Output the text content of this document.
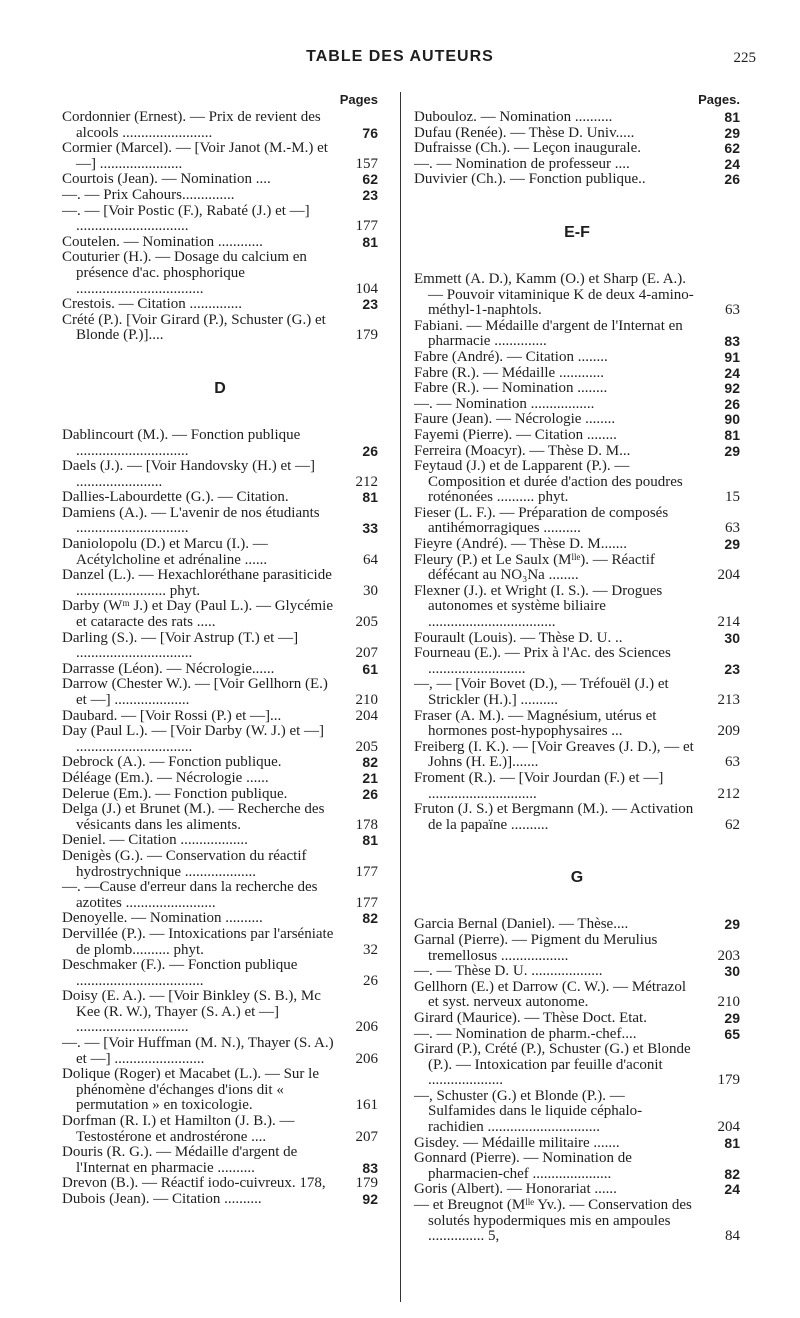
TABLE DES AUTEURS	225
Pages
Cordonnier (Ernest). — Prix de revient des alcools ........................	76
Cormier (Marcel). — [Voir Janot (M.-M.) et —] ......................	157
Courtois (Jean). — Nomination ....	62
—. — Prix Cahours..............	23
—. — [Voir Postic (F.), Rabaté (J.) et —] ..............................	177
Coutelen. — Nomination ............	81
Couturier (H.). — Dosage du calcium en présence d'ac. phosphorique ..................................	104
Crestois. — Citation ..............	23
Crété (P.). [Voir Girard (P.), Schuster (G.) et Blonde (P.)]....	179
D
Dablincourt (M.). — Fonction publique ..............................	26
Daels (J.). — [Voir Handovsky (H.) et —] .......................	212
Dallies-Labourdette (G.). — Citation.	81
Damiens (A.). — L'avenir de nos étudiants ..............................	33
Daniolopolu (D.) et Marcu (I.). — Acétylcholine et adrénaline ......	64
Danzel (L.). — Hexachloréthane parasiticide ........................ phyt.	30
Darby (Wᵐ J.) et Day (Paul L.). — Glycémie et cataracte des rats .....	205
Darling (S.). — [Voir Astrup (T.) et —] ...............................	207
Darrasse (Léon). — Nécrologie......	61
Darrow (Chester W.). — [Voir Gellhorn (E.) et —] ....................	210
Daubard. — [Voir Rossi (P.) et —]...	204
Day (Paul L.). — [Voir Darby (W. J.) et —] ...............................	205
Debrock (A.). — Fonction publique.	82
Déléage (Em.). — Nécrologie ......	21
Delerue (Em.). — Fonction publique.	26
Delga (J.) et Brunet (M.). — Recherche des vésicants dans les aliments.	178
Deniel. — Citation ..................	81
Denigès (G.). — Conservation du réactif hydrostrychnique ...................	177
—. —Cause d'erreur dans la recherche des azotites ........................	177
Denoyelle. — Nomination ..........	82
Dervillée (P.). — Intoxications par l'arséniate de plomb.......... phyt.	32
Deschmaker (F.). — Fonction publique ..................................	26
Doisy (E. A.). — [Voir Binkley (S. B.), Mc Kee (R. W.), Thayer (S. A.) et —] ..............................	206
—. — [Voir Huffman (M. N.), Thayer (S. A.) et —] ........................	206
Dolique (Roger) et Macabet (L.). — Sur le phénomène d'échanges d'ions dit « permutation » en toxicologie.	161
Dorfman (R. I.) et Hamilton (J. B.). — Testostérone et androstérone ....	207
Douris (R. G.). — Médaille d'argent de l'Internat en pharmacie ..........	83
Drevon (B.). — Réactif iodo-cuivreux. 178, 179
Dubois (Jean). — Citation ..........	92
Pages.
Dubouloz. — Nomination ..........	81
Dufau (Renée). — Thèse D. Univ.....	29
Dufraisse (Ch.). — Leçon inaugurale.	62
—. — Nomination de professeur ....	24
Duvivier (Ch.). — Fonction publique..	26
E-F
Emmett (A. D.), Kamm (O.) et Sharp (E. A.). — Pouvoir vitaminique K de deux 4-amino-méthyl-1-naphtols.	63
Fabiani. — Médaille d'argent de l'Internat en pharmacie ..............	83
Fabre (André). — Citation ........	91
Fabre (R.). — Médaille ............	24
Fabre (R.). — Nomination ........	92
—. — Nomination .................	26
Faure (Jean). — Nécrologie ........	90
Fayemi (Pierre). — Citation ........	81
Ferreira (Moacyr). — Thèse D. M...	29
Feytaud (J.) et de Lapparent (P.). — Composition et durée d'action des poudres roténonées .......... phyt.	15
Fieser (L. F.). — Préparation de composés antihémorragiques ..........	63
Fieyre (André). — Thèse D. M.......	29
Fleury (P.) et Le Saulx (Mˡˡᵉ). — Réactif défécant au NO₃Na ........	204
Flexner (J.). et Wright (I. S.). — Drogues autonomes et système biliaire ..................................	214
Fourault (Louis). — Thèse D. U. ..	30
Fourneau (E.). — Prix à l'Ac. des Sciences ..........................	23
—, — [Voir Bovet (D.), — Tréfouël (J.) et Strickler (H.).] ..........	213
Fraser (A. M.). — Magnésium, utérus et hormones post-hypophysaires ...	209
Freiberg (I. K.). — [Voir Greaves (J. D.), — et Johns (H. E.)].......	63
Froment (R.). — [Voir Jourdan (F.) et —] .............................	212
Fruton (J. S.) et Bergmann (M.). — Activation de la papaïne ..........	62
G
Garcia Bernal (Daniel). — Thèse....	29
Garnal (Pierre). — Pigment du Merulius tremellosus ..................	203
—. — Thèse D. U. ...................	30
Gellhorn (E.) et Darrow (C. W.). — Métrazol et syst. nerveux autonome.	210
Girard (Maurice). — Thèse Doct. Etat.	29
—. — Nomination de pharm.-chef....	65
Girard (P.), Crété (P.), Schuster (G.) et Blonde (P.). — Intoxication par feuille d'aconit ....................	179
—, Schuster (G.) et Blonde (P.). — Sulfamides dans le liquide céphalo-rachidien ..............................	204
Gisdey. — Médaille militaire .......	81
Gonnard (Pierre). — Nomination de pharmacien-chef .....................	82
Goris (Albert). — Honorariat ......	24
— et Breugnot (Mˡˡᵉ Yv.). — Conservation des solutés hypodermiques mis en ampoules ............... 5,	84
